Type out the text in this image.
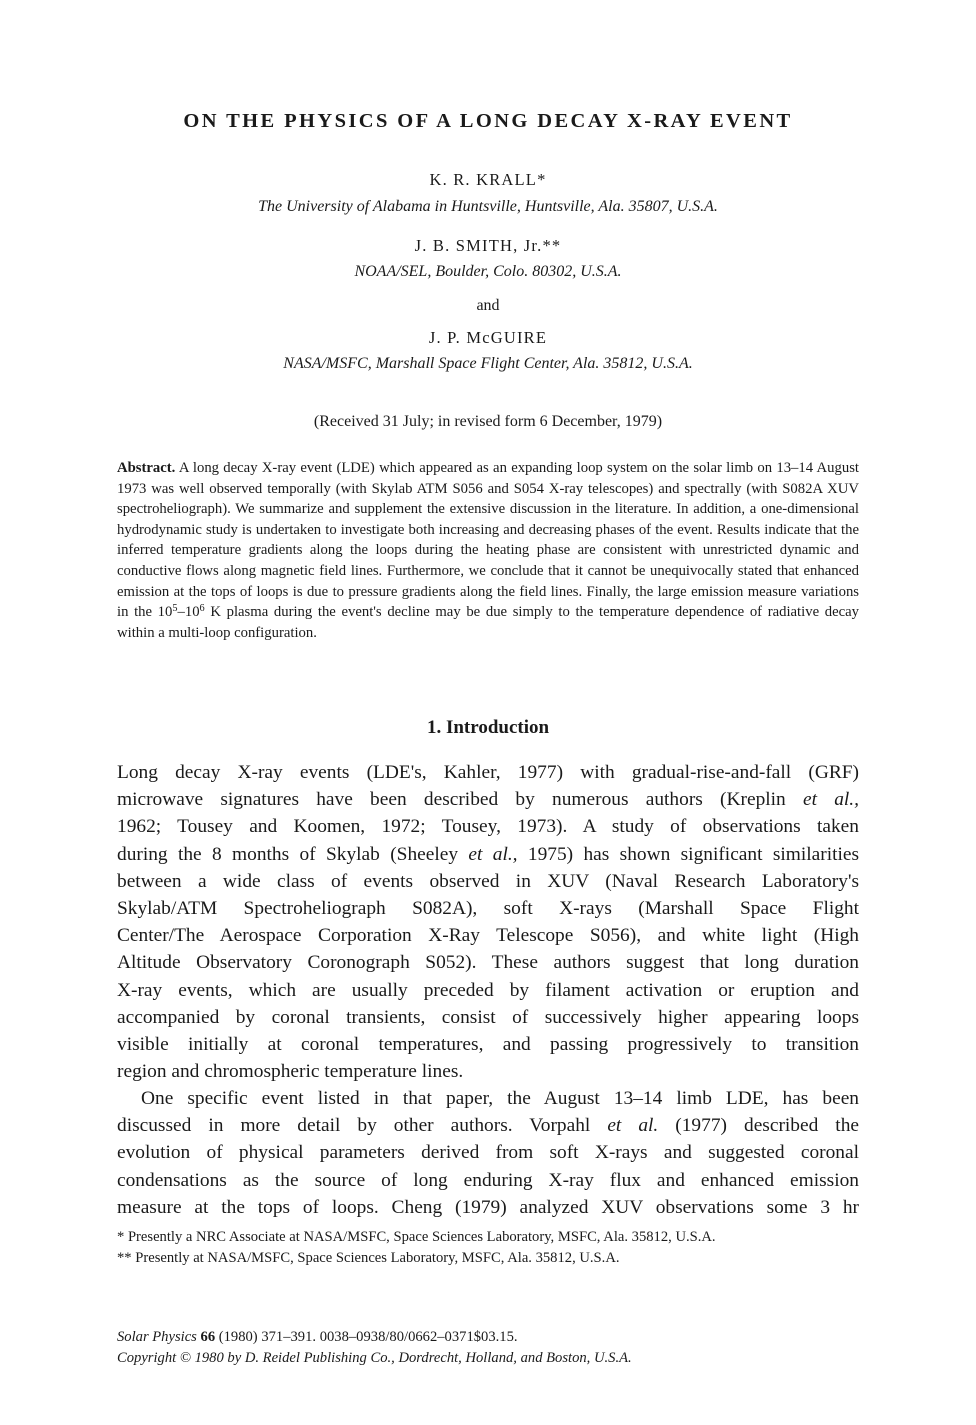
ON THE PHYSICS OF A LONG DECAY X-RAY EVENT
K. R. KRALL*
The University of Alabama in Huntsville, Huntsville, Ala. 35807, U.S.A.
J. B. SMITH, Jr.**
NOAA/SEL, Boulder, Colo. 80302, U.S.A.
and
J. P. McGUIRE
NASA/MSFC, Marshall Space Flight Center, Ala. 35812, U.S.A.
(Received 31 July; in revised form 6 December, 1979)
Abstract. A long decay X-ray event (LDE) which appeared as an expanding loop system on the solar limb on 13–14 August 1973 was well observed temporally (with Skylab ATM S056 and S054 X-ray telescopes) and spectrally (with S082A XUV spectroheliograph). We summarize and supplement the extensive discussion in the literature. In addition, a one-dimensional hydrodynamic study is undertaken to investigate both increasing and decreasing phases of the event. Results indicate that the inferred temperature gradients along the loops during the heating phase are consistent with unrestricted dynamic and conductive flows along magnetic field lines. Furthermore, we conclude that it cannot be unequivocally stated that enhanced emission at the tops of loops is due to pressure gradients along the field lines. Finally, the large emission measure variations in the $10^5-10^6$ K plasma during the event's decline may be due simply to the temperature dependence of radiative decay within a multi-loop configuration.
1. Introduction
Long decay X-ray events (LDE's, Kahler, 1977) with gradual-rise-and-fall (GRF)
microwave signatures have been described by numerous authors (Kreplin et al.,
1962; Tousey and Koomen, 1972; Tousey, 1973). A study of observations taken
during the 8 months of Skylab (Sheeley et al., 1975) has shown significant similarities
between a wide class of events observed in XUV (Naval Research Laboratory's
Skylab/ATM Spectroheliograph S082A), soft X-rays (Marshall Space Flight
Center/The Aerospace Corporation X-Ray Telescope S056), and white light (High
Altitude Observatory Coronograph S052). These authors suggest that long duration
X-ray events, which are usually preceded by filament activation or eruption and
accompanied by coronal transients, consist of successively higher appearing loops
visible initially at coronal temperatures, and passing progressively to transition
region and chromospheric temperature lines.
One specific event listed in that paper, the August 13–14 limb LDE, has been
discussed in more detail by other authors. Vorpahl et al. (1977) described the
evolution of physical parameters derived from soft X-rays and suggested coronal
condensations as the source of long enduring X-ray flux and enhanced emission
measure at the tops of loops. Cheng (1979) analyzed XUV observations some 3 hr
* Presently a NRC Associate at NASA/MSFC, Space Sciences Laboratory, MSFC, Ala. 35812, U.S.A.
** Presently at NASA/MSFC, Space Sciences Laboratory, MSFC, Ala. 35812, U.S.A.
Solar Physics 66 (1980) 371–391. 0038–0938/80/0662–0371$03.15.
Copyright © 1980 by D. Reidel Publishing Co., Dordrecht, Holland, and Boston, U.S.A.
